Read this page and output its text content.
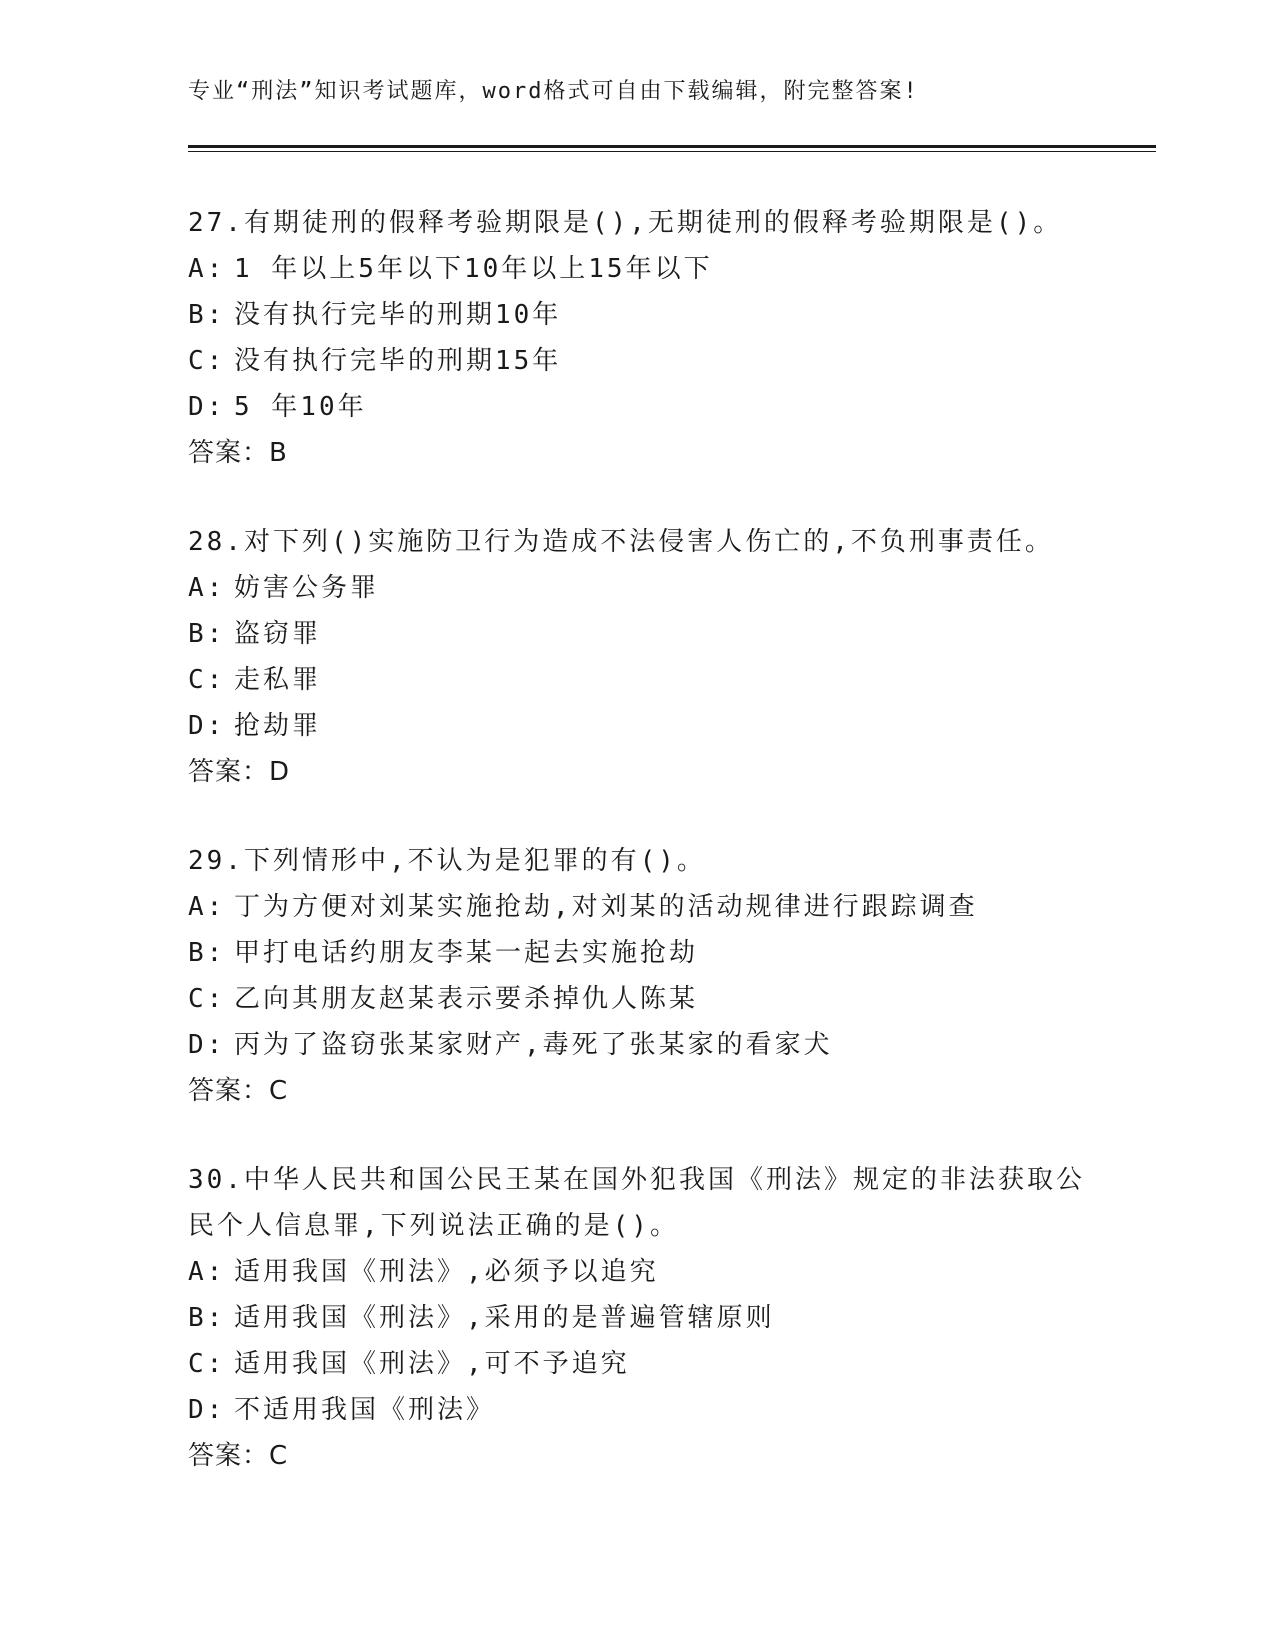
专业“刑法”知识考试题库，word格式可自由下载编辑，附完整答案!

27.有期徒刑的假释考验期限是(),无期徒刑的假释考验期限是()。

A: 1 年以上5年以下10年以上15年以下
B: 没有执行完毕的刑期10年
C: 没有执行完毕的刑期15年
D: 5 年10年
答案：B

28.对下列()实施防卫行为造成不法侵害人伤亡的,不负刑事责任。

A: 妨害公务罪
B: 盗窃罪
C: 走私罪
D: 抢劫罪
答案：D

29.下列情形中,不认为是犯罪的有()。

A: 丁为方便对刘某实施抢劫,对刘某的活动规律进行跟踪调查
B: 甲打电话约朋友李某一起去实施抢劫
C: 乙向其朋友赵某表示要杀掉仇人陈某
D: 丙为了盗窃张某家财产,毒死了张某家的看家犬
答案：C

30.中华人民共和国公民王某在国外犯我国《刑法》规定的非法获取公民个人信息罪,下列说法正确的是()。

A: 适用我国《刑法》,必须予以追究
B: 适用我国《刑法》,采用的是普遍管辖原则
C: 适用我国《刑法》,可不予追究
D: 不适用我国《刑法》
答案：C
